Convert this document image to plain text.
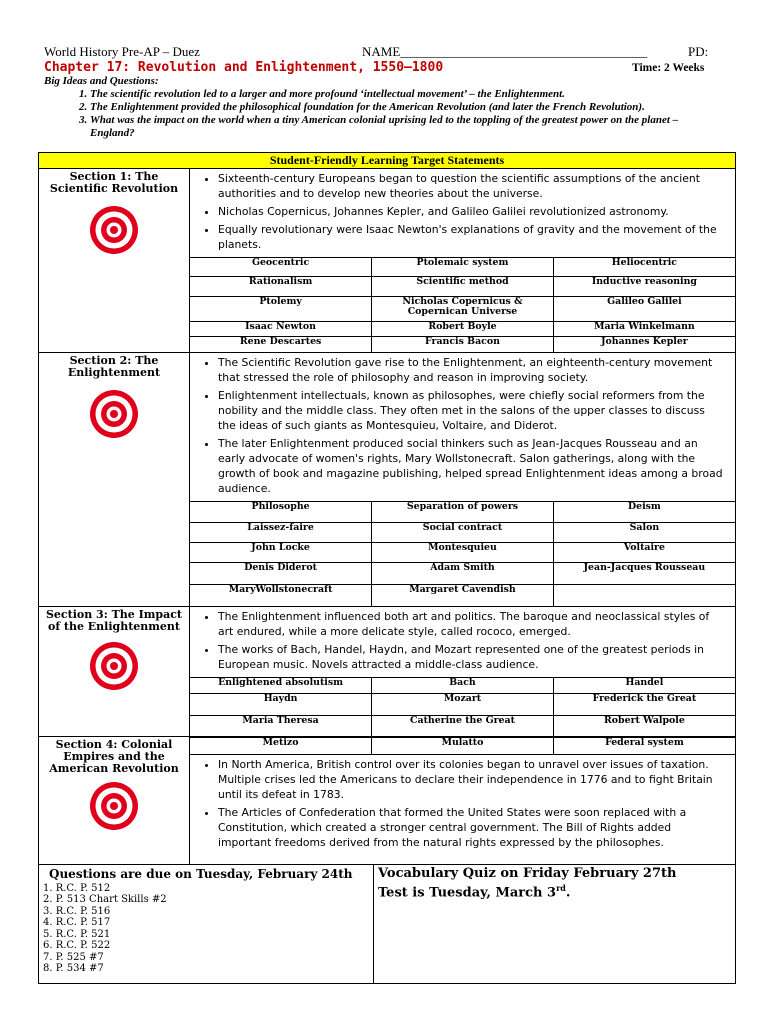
World History Pre-AP – Duez	NAME______________________________________	PD:
Chapter 17: Revolution and Enlightenment, 1550–1800	Time: 2 Weeks
Big Ideas and Questions:
1. The scientific revolution led to a larger and more profound ‘intellectual movement’ – the Enlightenment.
2. The Enlightenment provided the philosophical foundation for the American Revolution (and later the French Revolution).
3. What was the impact on the world when a tiny American colonial uprising led to the toppling of the greatest power on the planet – England?
Student-Friendly Learning Target Statements

Section 1: The Scientific Revolution

• Sixteenth-century Europeans began to question the scientific assumptions of the ancient authorities and to develop new theories about the universe.
• Nicholas Copernicus, Johannes Kepler, and Galileo Galilei revolutionized astronomy.
• Equally revolutionary were Isaac Newton's explanations of gravity and the movement of the planets.
Geocentric	Ptolemaic system	Heliocentric
Rationalism	Scientific method	Inductive reasoning
Ptolemy	Nicholas Copernicus & Copernican Universe	Galileo Galilei
Isaac Newton	Robert Boyle	Maria Winkelmann
Rene Descartes	Francis Bacon	Johannes Kepler

Section 2: The Enlightenment

• The Scientific Revolution gave rise to the Enlightenment, an eighteenth-century movement that stressed the role of philosophy and reason in improving society.
• Enlightenment intellectuals, known as philosophes, were chiefly social reformers from the nobility and the middle class. They often met in the salons of the upper classes to discuss the ideas of such giants as Montesquieu, Voltaire, and Diderot.
• The later Enlightenment produced social thinkers such as Jean-Jacques Rousseau and an early advocate of women's rights, Mary Wollstonecraft. Salon gatherings, along with the growth of book and magazine publishing, helped spread Enlightenment ideas among a broad audience.
Philosophe	Separation of powers	Deism
Laissez-faire	Social contract	Salon
John Locke	Montesquieu	Voltaire
Denis Diderot	Adam Smith	Jean-Jacques Rousseau
MaryWollstonecraft	Margaret Cavendish	

Section 3: The Impact of the Enlightenment

• The Enlightenment influenced both art and politics. The baroque and neoclassical styles of art endured, while a more delicate style, called rococo, emerged.
• The works of Bach, Handel, Haydn, and Mozart represented one of the greatest periods in European music. Novels attracted a middle-class audience.
Enlightened absolutism	Bach	Handel
Haydn	Mozart	Frederick the Great
Maria Theresa	Catherine the Great	Robert Walpole

Section 4: Colonial Empires and the American Revolution

Metizo	Mulatto	Federal system
• In North America, British control over its colonies began to unravel over issues of taxation. Multiple crises led the Americans to declare their independence in 1776 and to fight Britain until its defeat in 1783.
• The Articles of Confederation that formed the United States were soon replaced with a Constitution, which created a stronger central government. The Bill of Rights added important freedoms derived from the natural rights expressed by the philosophes.

Questions are due on Tuesday, February 24th
1. R.C. P. 512
2. P. 513 Chart Skills #2
3. R.C. P. 516
4. R.C. P. 517
5. R.C. P. 521
6. R.C. P. 522
7. P. 525 #7
8. P. 534 #7
Vocabulary Quiz on Friday February 27th
Test is Tuesday, March 3rd.
